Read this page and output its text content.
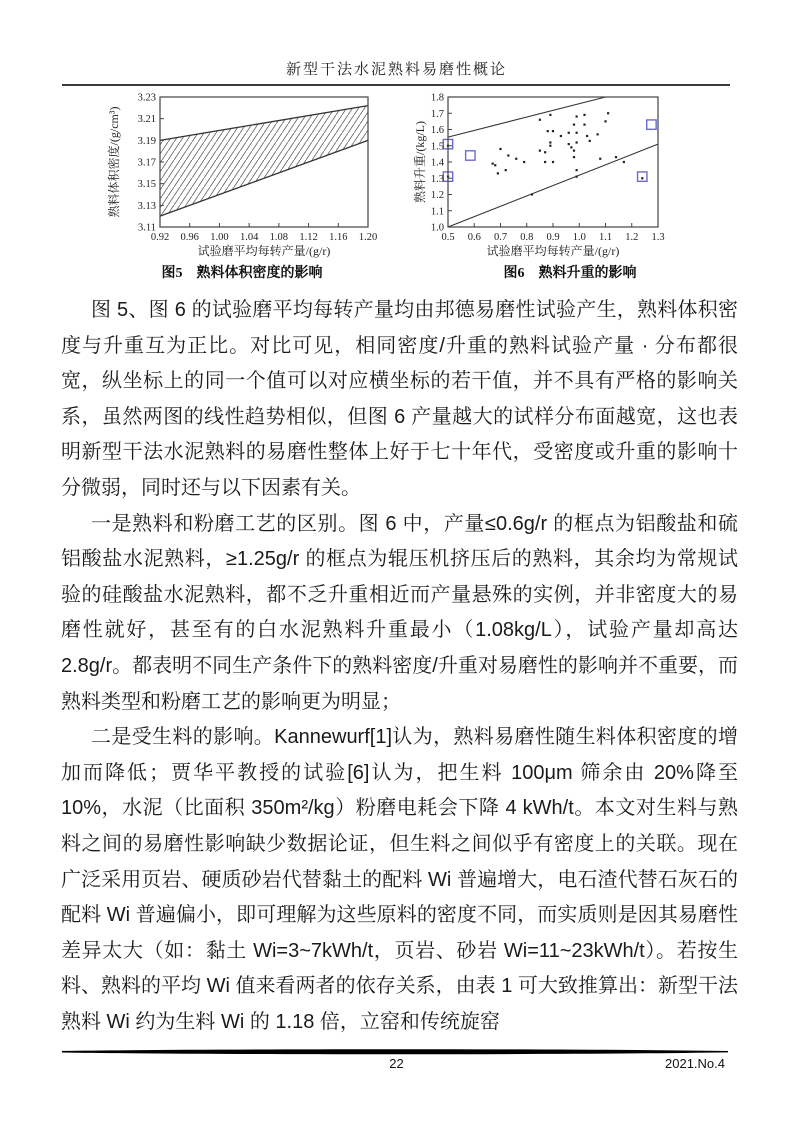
新型干法水泥熟料易磨性概论
0.92 0.96 1.00 1.04 1.08 1.12 1.16 1.20
3.11
3.13
3.15
3.17
3.19
3.21
3.23
试验磨平均每转产量/(g/r)
熟料体积密度/(g/cm³)
0.5 0.6 0.7 0.8 0.9 1.0 1.1 1.2 1.3
1.0
1.1
1.2
1.3
1.4
1.5
1.6
1.7
1.8
试验磨平均每转产量/(g/r)
熟料升重/(kg/L)
图5　熟料体积密度的影响	图6　熟料升重的影响

图 5、图 6 的试验磨平均每转产量均由邦德易磨性试验产生，熟料体积密度与升重互为正比。对比可见，相同密度/升重的熟料试验产量 · 分布都很宽，纵坐标上的同一个值可以对应横坐标的若干值，并不具有严格的影响关系，虽然两图的线性趋势相似，但图 6 产量越大的试样分布面越宽，这也表明新型干法水泥熟料的易磨性整体上好于七十年代，受密度或升重的影响十分微弱，同时还与以下因素有关。

一是熟料和粉磨工艺的区别。图 6 中，产量≤0.6g/r 的框点为铝酸盐和硫铝酸盐水泥熟料，≥1.25g/r 的框点为辊压机挤压后的熟料，其余均为常规试验的硅酸盐水泥熟料，都不乏升重相近而产量悬殊的实例，并非密度大的易磨性就好，甚至有的白水泥熟料升重最小（1.08kg/L），试验产量却高达 2.8g/r。都表明不同生产条件下的熟料密度/升重对易磨性的影响并不重要，而熟料类型和粉磨工艺的影响更为明显；

二是受生料的影响。Kannewurf[1]认为，熟料易磨性随生料体积密度的增加而降低；贾华平教授的试验[6]认为，把生料 100μm 筛余由 20%降至 10%，水泥（比面积 350m²/kg）粉磨电耗会下降 4 kWh/t。本文对生料与熟料之间的易磨性影响缺少数据论证，但生料之间似乎有密度上的关联。现在广泛采用页岩、硬质砂岩代替黏土的配料 Wi 普遍增大，电石渣代替石灰石的配料 Wi 普遍偏小，即可理解为这些原料的密度不同，而实质则是因其易磨性差异太大（如：黏土 Wi=3~7kWh/t，页岩、砂岩 Wi=11~23kWh/t）。若按生料、熟料的平均 Wi 值来看两者的依存关系，由表 1 可大致推算出：新型干法熟料 Wi 约为生料 Wi 的 1.18 倍，立窑和传统旋窑

22	2021.No.4
